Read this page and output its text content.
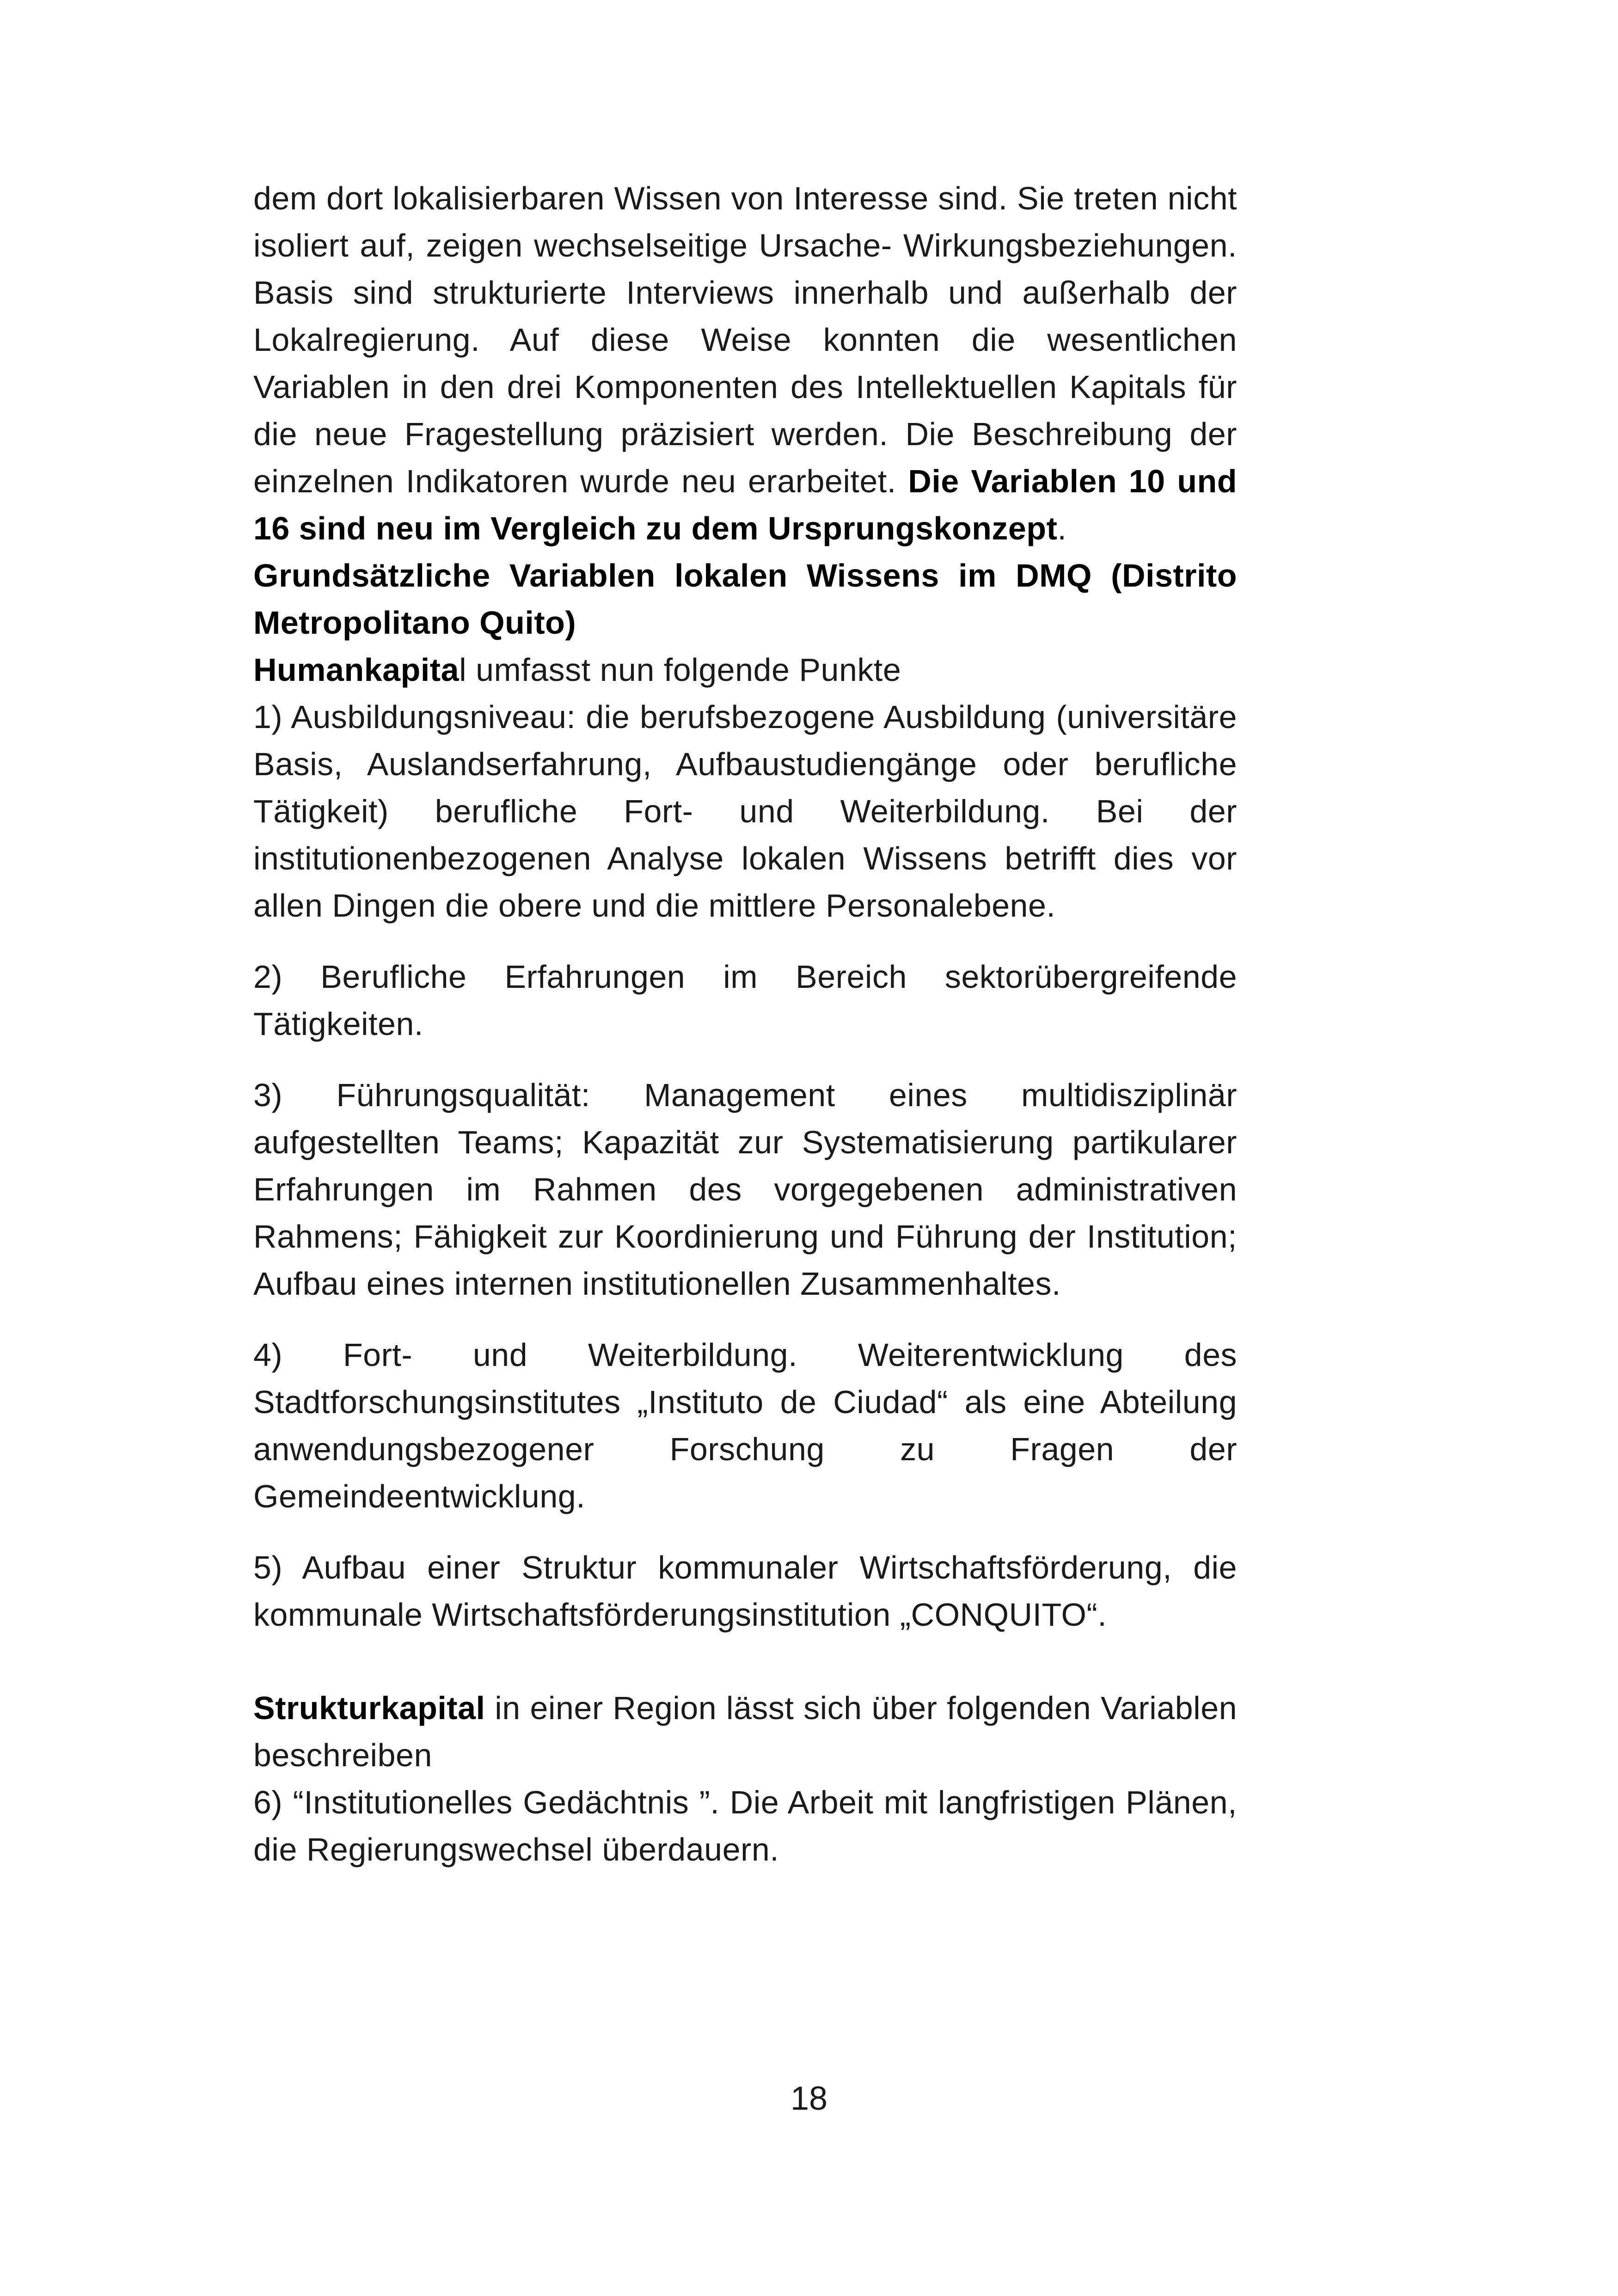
dem dort lokalisierbaren Wissen von Interesse sind. Sie treten nicht isoliert auf, zeigen wechselseitige Ursache- Wirkungsbeziehungen. Basis sind strukturierte Interviews innerhalb und außerhalb der Lokalregierung. Auf diese Weise konnten die wesentlichen Variablen in den drei Komponenten des Intellektuellen Kapitals für die neue Fragestellung präzisiert werden. Die Beschreibung der einzelnen Indikatoren wurde neu erarbeitet. Die Variablen 10 und 16 sind neu im Vergleich zu dem Ursprungskonzept.

Grundsätzliche Variablen lokalen Wissens im DMQ (Distrito Metropolitano Quito)

Humankapital umfasst nun folgende Punkte

1) Ausbildungsniveau: die berufsbezogene Ausbildung (universitäre Basis, Auslandserfahrung, Aufbaustudiengänge oder berufliche Tätigkeit) berufliche Fort- und Weiterbildung. Bei der institutionenbezogenen Analyse lokalen Wissens betrifft dies vor allen Dingen die obere und die mittlere Personalebene.

2) Berufliche Erfahrungen im Bereich sektorübergreifende Tätigkeiten.

3) Führungsqualität: Management eines multidisziplinär aufgestellten Teams; Kapazität zur Systematisierung partikularer Erfahrungen im Rahmen des vorgegebenen administrativen Rahmens; Fähigkeit zur Koordinierung und Führung der Institution; Aufbau eines internen institutionellen Zusammenhaltes.

4) Fort- und Weiterbildung. Weiterentwicklung des Stadtforschungsinstitutes „Instituto de Ciudad“ als eine Abteilung anwendungsbezogener Forschung zu Fragen der Gemeindeentwicklung.

5) Aufbau einer Struktur kommunaler Wirtschaftsförderung, die kommunale Wirtschaftsförderungsinstitution „CONQUITO“.

Strukturkapital in einer Region lässt sich über folgenden Variablen beschreiben

6) “Institutionelles Gedächtnis ”. Die Arbeit mit langfristigen Plänen, die Regierungswechsel überdauern.

18
